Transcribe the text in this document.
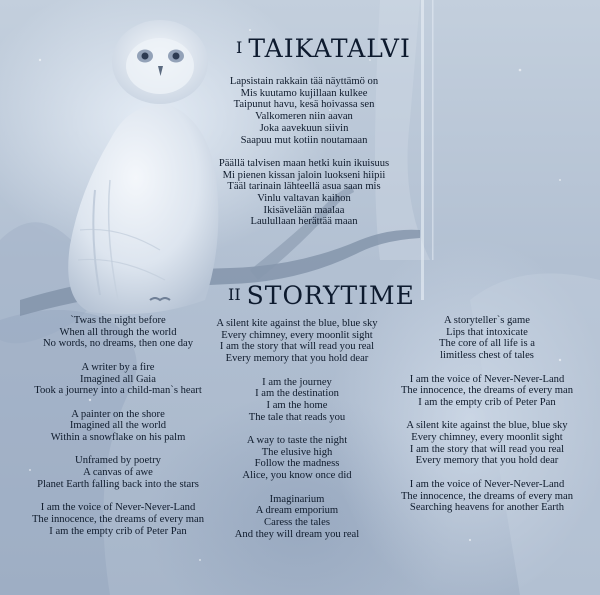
I TAIKATALVI
Lapsistain rakkain tää näyttämö on
Mis kuutamo kujillaan kulkee
Taipunut havu, kesä hoivassa sen
Valkomeren niin aavan
Joka aavekuun siivin
Saapuu mut kotiin noutamaan
Päällä talvisen maan hetki kuin ikuisuus
Mi pienen kissan jaloin luokseni hiipii
Tääl tarinain lähteellä asua saan mis
Vinlu valtavan kaihon
Ikisävelään maalaa
Laulullaan herättää maan
II STORYTIME
`Twas the night before
When all through the world
No words, no dreams, then one day
A writer by a fire
Imagined all Gaia
Took a journey into a child-man`s heart
A painter on the shore
Imagined all the world
Within a snowflake on his palm
Unframed by poetry
A canvas of awe
Planet Earth falling back into the stars
I am the voice of Never-Never-Land
The innocence, the dreams of every man
I am the empty crib of Peter Pan
A silent kite against the blue, blue sky
Every chimney, every moonlit sight
I am the story that will read you real
Every memory that you hold dear
I am the journey
I am the destination
I am the home
The tale that reads you
A way to taste the night
The elusive high
Follow the madness
Alice, you know once did
Imaginarium
A dream emporium
Caress the tales
And they will dream you real
A storyteller`s game
Lips that intoxicate
The core of all life is a
limitless chest of tales
I am the voice of Never-Never-Land
The innocence, the dreams of every man
I am the empty crib of Peter Pan
A silent kite against the blue, blue sky
Every chimney, every moonlit sight
I am the story that will read you real
Every memory that you hold dear
I am the voice of Never-Never-Land
The innocence, the dreams of every man
Searching heavens for another Earth
